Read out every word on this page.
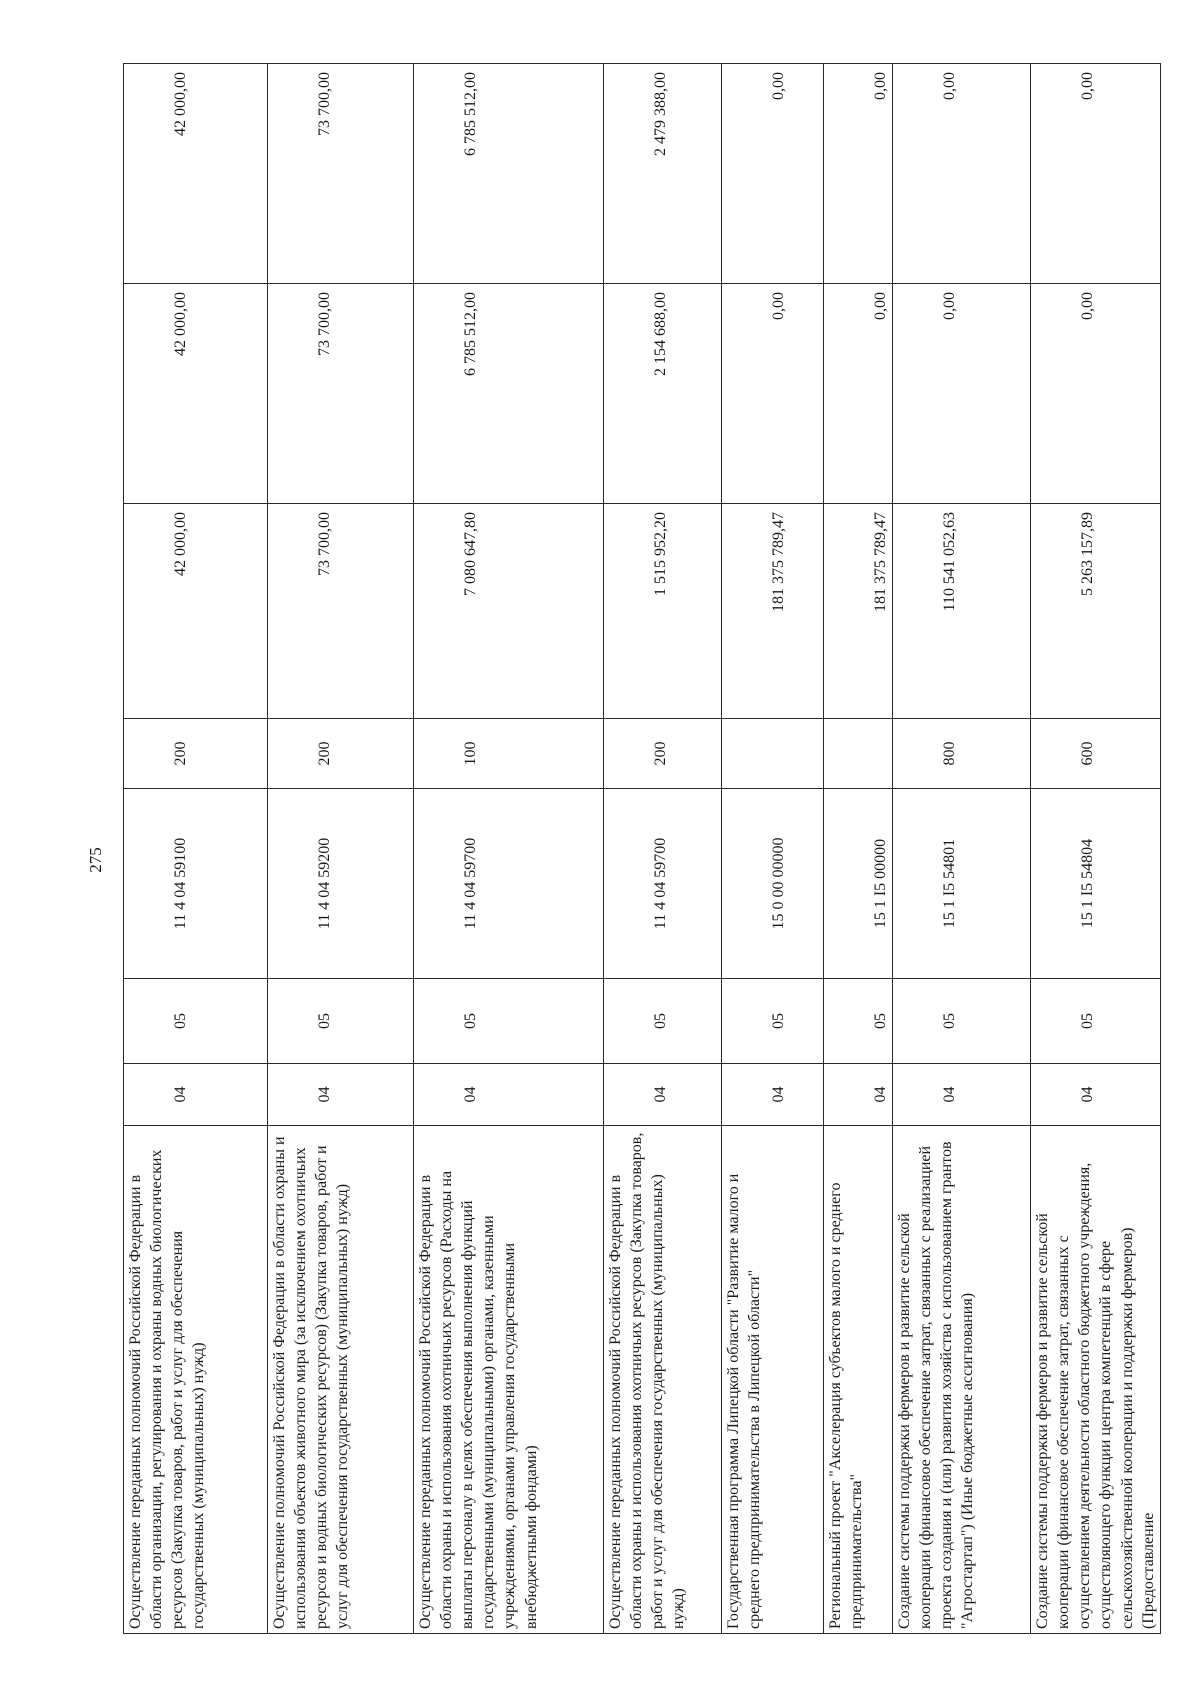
275
Осуществление переданных полномочий Российской Федерации в области организации, регулирования и охраны водных биологических ресурсов (Закупка товаров, работ и услуг для обеспечения государственных (муниципальных) нужд)	04	05	11 4 04 59100	200	42 000,00	42 000,00	42 000,00
Осуществление полномочий Российской Федерации в области охраны и использования объектов животного мира (за исключением охотничьих ресурсов и водных биологических ресурсов) (Закупка товаров, работ и услуг для обеспечения государственных (муниципальных) нужд)	04	05	11 4 04 59200	200	73 700,00	73 700,00	73 700,00
Осуществление переданных полномочий Российской Федерации в области охраны и использования охотничьих ресурсов (Расходы на выплаты персоналу в целях обеспечения выполнения функций государственными (муниципальными) органами, казенными учреждениями, органами управления государственными внебюджетными фондами)	04	05	11 4 04 59700	100	7 080 647,80	6 785 512,00	6 785 512,00
Осуществление переданных полномочий Российской Федерации в области охраны и использования охотничьих ресурсов (Закупка товаров, работ и услуг для обеспечения государственных (муниципальных) нужд)	04	05	11 4 04 59700	200	1 515 952,20	2 154 688,00	2 479 388,00
Государственная программа Липецкой области "Развитие малого и среднего предпринимательства в Липецкой области"	04	05	15 0 00 00000		181 375 789,47	0,00	0,00
Региональный проект "Акселерация субъектов малого и среднего предпринимательства"	04	05	15 1 I5 00000		181 375 789,47	0,00	0,00
Создание системы поддержки фермеров и развитие сельской кооперации (финансовое обеспечение затрат, связанных с реализацией проекта создания и (или) развития хозяйства с использованием грантов "Агростартап") (Иные бюджетные ассигнования)	04	05	15 1 I5 54801	800	110 541 052,63	0,00	0,00
Создание системы поддержки фермеров и развитие сельской кооперации (финансовое обеспечение затрат, связанных с осуществлением деятельности областного бюджетного учреждения, осуществляющего функции центра компетенций в сфере сельскохозяйственной кооперации и поддержки фермеров) (Предоставление	04	05	15 1 I5 54804	600	5 263 157,89	0,00	0,00
